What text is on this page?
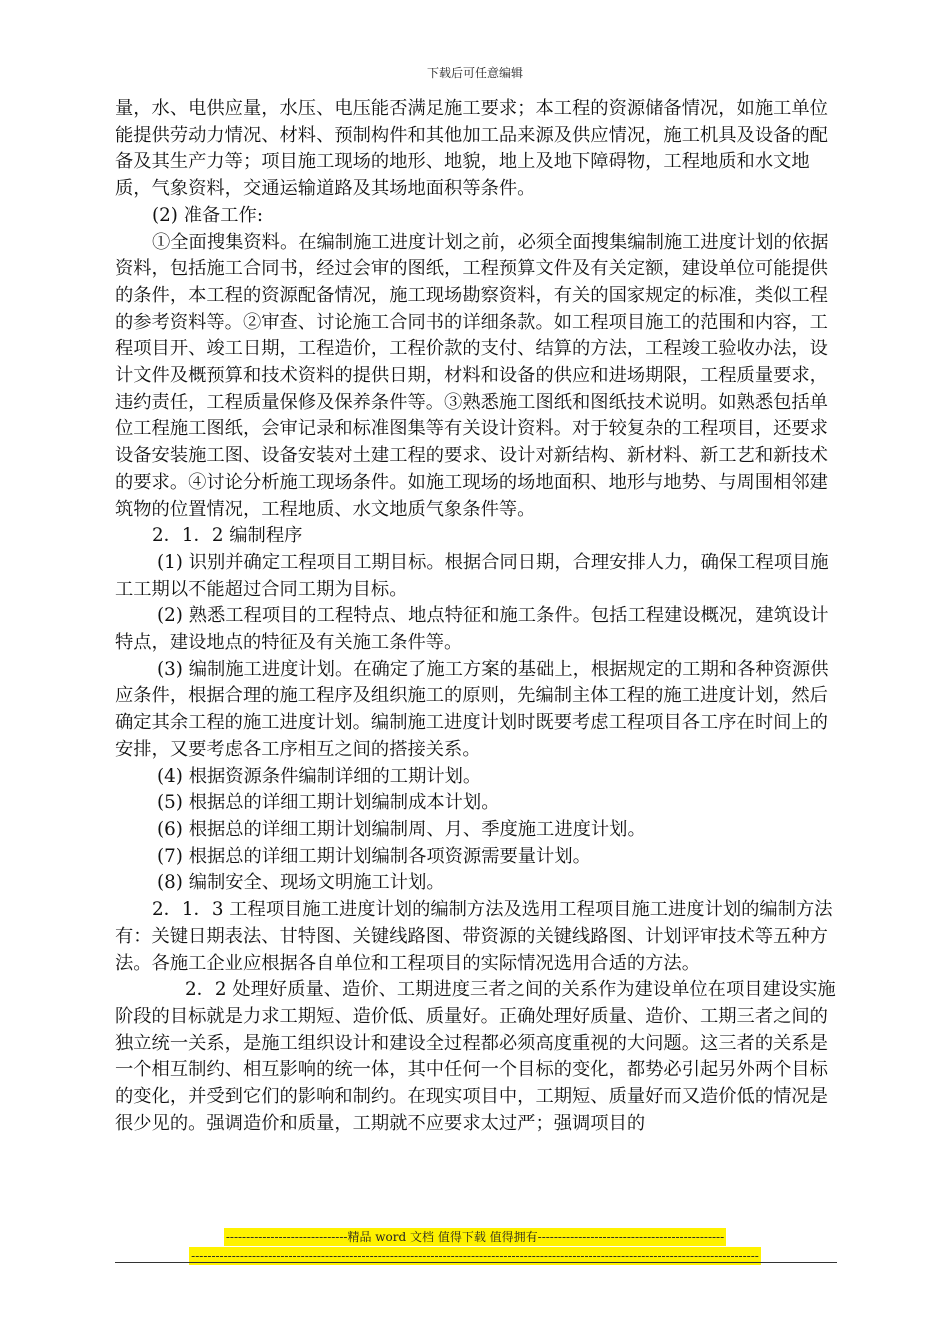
下载后可任意编辑

量，水、电供应量，水压、电压能否满足施工要求；本工程的资源储备情况，如施工单位能提供劳动力情况、材料、预制构件和其他加工品来源及供应情况，施工机具及设备的配备及其生产力等；项目施工现场的地形、地貌，地上及地下障碍物，工程地质和水文地质，气象资料，交通运输道路及其场地面积等条件。

(2) 准备工作:

①全面搜集资料。在编制施工进度计划之前，必须全面搜集编制施工进度计划的依据资料，包括施工合同书，经过会审的图纸，工程预算文件及有关定额，建设单位可能提供的条件，本工程的资源配备情况，施工现场勘察资料，有关的国家规定的标准，类似工程的参考资料等。②审查、讨论施工合同书的详细条款。如工程项目施工的范围和内容，工程项目开、竣工日期，工程造价，工程价款的支付、结算的方法，工程竣工验收办法，设计文件及概预算和技术资料的提供日期，材料和设备的供应和进场期限，工程质量要求，违约责任，工程质量保修及保养条件等。③熟悉施工图纸和图纸技术说明。如熟悉包括单位工程施工图纸，会审记录和标准图集等有关设计资料。对于较复杂的工程项目，还要求设备安装施工图、设备安装对土建工程的要求、设计对新结构、新材料、新工艺和新技术的要求。④讨论分析施工现场条件。如施工现场的场地面积、地形与地势、与周围相邻建筑物的位置情况，工程地质、水文地质气象条件等。

2．1．2 编制程序

(1) 识别并确定工程项目工期目标。根据合同日期，合理安排人力，确保工程项目施工工期以不能超过合同工期为目标。

(2) 熟悉工程项目的工程特点、地点特征和施工条件。包括工程建设概况，建筑设计特点，建设地点的特征及有关施工条件等。

(3) 编制施工进度计划。在确定了施工方案的基础上，根据规定的工期和各种资源供应条件，根据合理的施工程序及组织施工的原则，先编制主体工程的施工进度计划，然后确定其余工程的施工进度计划。编制施工进度计划时既要考虑工程项目各工序在时间上的安排，又要考虑各工序相互之间的搭接关系。

(4) 根据资源条件编制详细的工期计划。

(5) 根据总的详细工期计划编制成本计划。

(6) 根据总的详细工期计划编制周、月、季度施工进度计划。

(7) 根据总的详细工期计划编制各项资源需要量计划。

(8) 编制安全、现场文明施工计划。

2．1．3 工程项目施工进度计划的编制方法及选用工程项目施工进度计划的编制方法有：关键日期表法、甘特图、关键线路图、带资源的关键线路图、计划评审技术等五种方法。各施工企业应根据各自单位和工程项目的实际情况选用合适的方法。

2．2 处理好质量、造价、工期进度三者之间的关系作为建设单位在项目建设实施阶段的目标就是力求工期短、造价低、质量好。正确处理好质量、造价、工期三者之间的独立统一关系，是施工组织设计和建设全过程都必须高度重视的大问题。这三者的关系是一个相互制约、相互影响的统一体，其中任何一个目标的变化，都势必引起另外两个目标的变化，并受到它们的影响和制约。在现实项目中，工期短、质量好而又造价低的情况是很少见的。强调造价和质量，工期就不应要求太过严；强调项目的

------------------------------精品 word 文档 值得下载 值得拥有----------------------------------------------
--------------------------------------------------------------------------------------------------------------------------------------------
